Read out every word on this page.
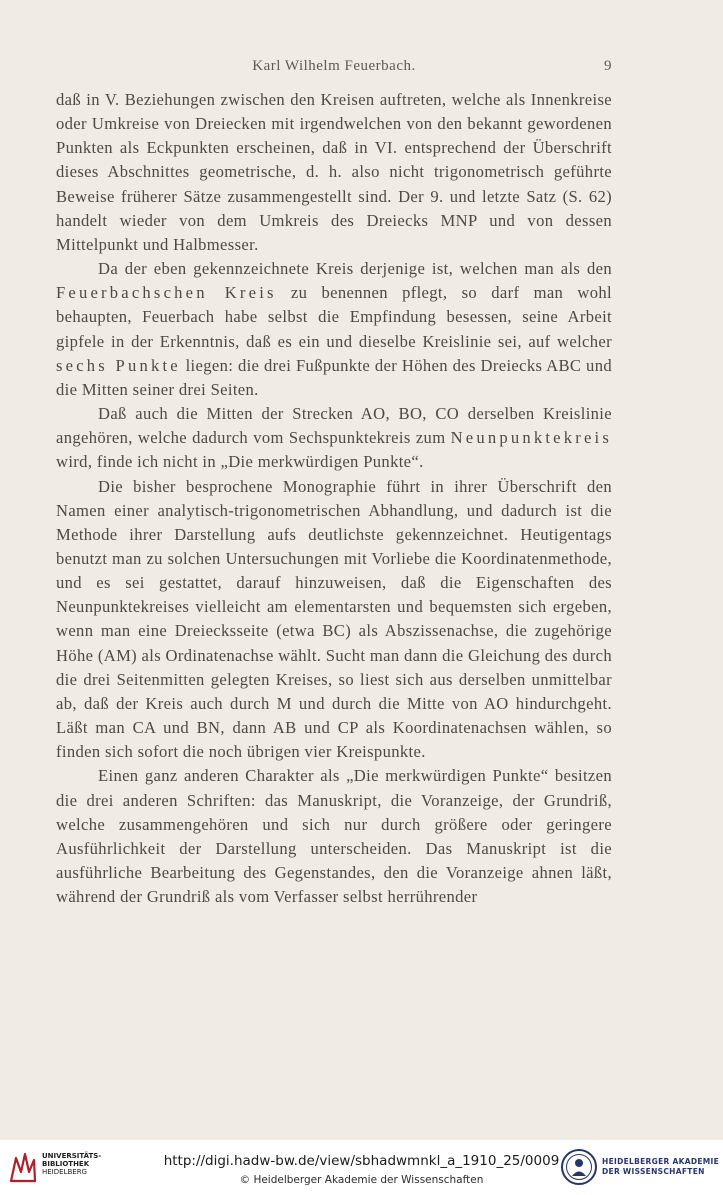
Karl Wilhelm Feuerbach.	9

daß in V. Beziehungen zwischen den Kreisen auftreten, welche als Innenkreise oder Umkreise von Dreiecken mit irgendwelchen von den bekannt gewordenen Punkten als Eckpunkten erscheinen, daß in VI. entsprechend der Überschrift dieses Abschnittes geometrische, d. h. also nicht trigonometrisch geführte Beweise früherer Sätze zusammengestellt sind. Der 9. und letzte Satz (S. 62) handelt wieder von dem Umkreis des Dreiecks MNP und von dessen Mittelpunkt und Halbmesser.

Da der eben gekennzeichnete Kreis derjenige ist, welchen man als den Feuerbachschen Kreis zu benennen pflegt, so darf man wohl behaupten, Feuerbach habe selbst die Empfindung besessen, seine Arbeit gipfele in der Erkenntnis, daß es ein und dieselbe Kreislinie sei, auf welcher sechs Punkte liegen: die drei Fußpunkte der Höhen des Dreiecks ABC und die Mitten seiner drei Seiten.

Daß auch die Mitten der Strecken AO, BO, CO derselben Kreislinie angehören, welche dadurch vom Sechspunktekreis zum Neunpunktekreis wird, finde ich nicht in „Die merkwürdigen Punkte“.

Die bisher besprochene Monographie führt in ihrer Überschrift den Namen einer analytisch-trigonometrischen Abhandlung, und dadurch ist die Methode ihrer Darstellung aufs deutlichste gekennzeichnet. Heutigentags benutzt man zu solchen Untersuchungen mit Vorliebe die Koordinatenmethode, und es sei gestattet, darauf hinzuweisen, daß die Eigenschaften des Neunpunktekreises vielleicht am elementarsten und bequemsten sich ergeben, wenn man eine Dreiecksseite (etwa BC) als Abszissenachse, die zugehörige Höhe (AM) als Ordinatenachse wählt. Sucht man dann die Gleichung des durch die drei Seitenmitten gelegten Kreises, so liest sich aus derselben unmittelbar ab, daß der Kreis auch durch M und durch die Mitte von AO hindurchgeht. Läßt man CA und BN, dann AB und CP als Koordinatenachsen wählen, so finden sich sofort die noch übrigen vier Kreispunkte.

Einen ganz anderen Charakter als „Die merkwürdigen Punkte“ besitzen die drei anderen Schriften: das Manuskript, die Voranzeige, der Grundriß, welche zusammengehören und sich nur durch größere oder geringere Ausführlichkeit der Darstellung unterscheiden. Das Manuskript ist die ausführliche Bearbeitung des Gegenstandes, den die Voranzeige ahnen läßt, während der Grundriß als vom Verfasser selbst herrührender

UNIVERSITÄTS-
BIBLIOTHEK
HEIDELBERG
http://digi.hadw-bw.de/view/sbhadwmnkl_a_1910_25/0009
© Heidelberger Akademie der Wissenschaften
HEIDELBERGER AKADEMIE
DER WISSENSCHAFTEN
